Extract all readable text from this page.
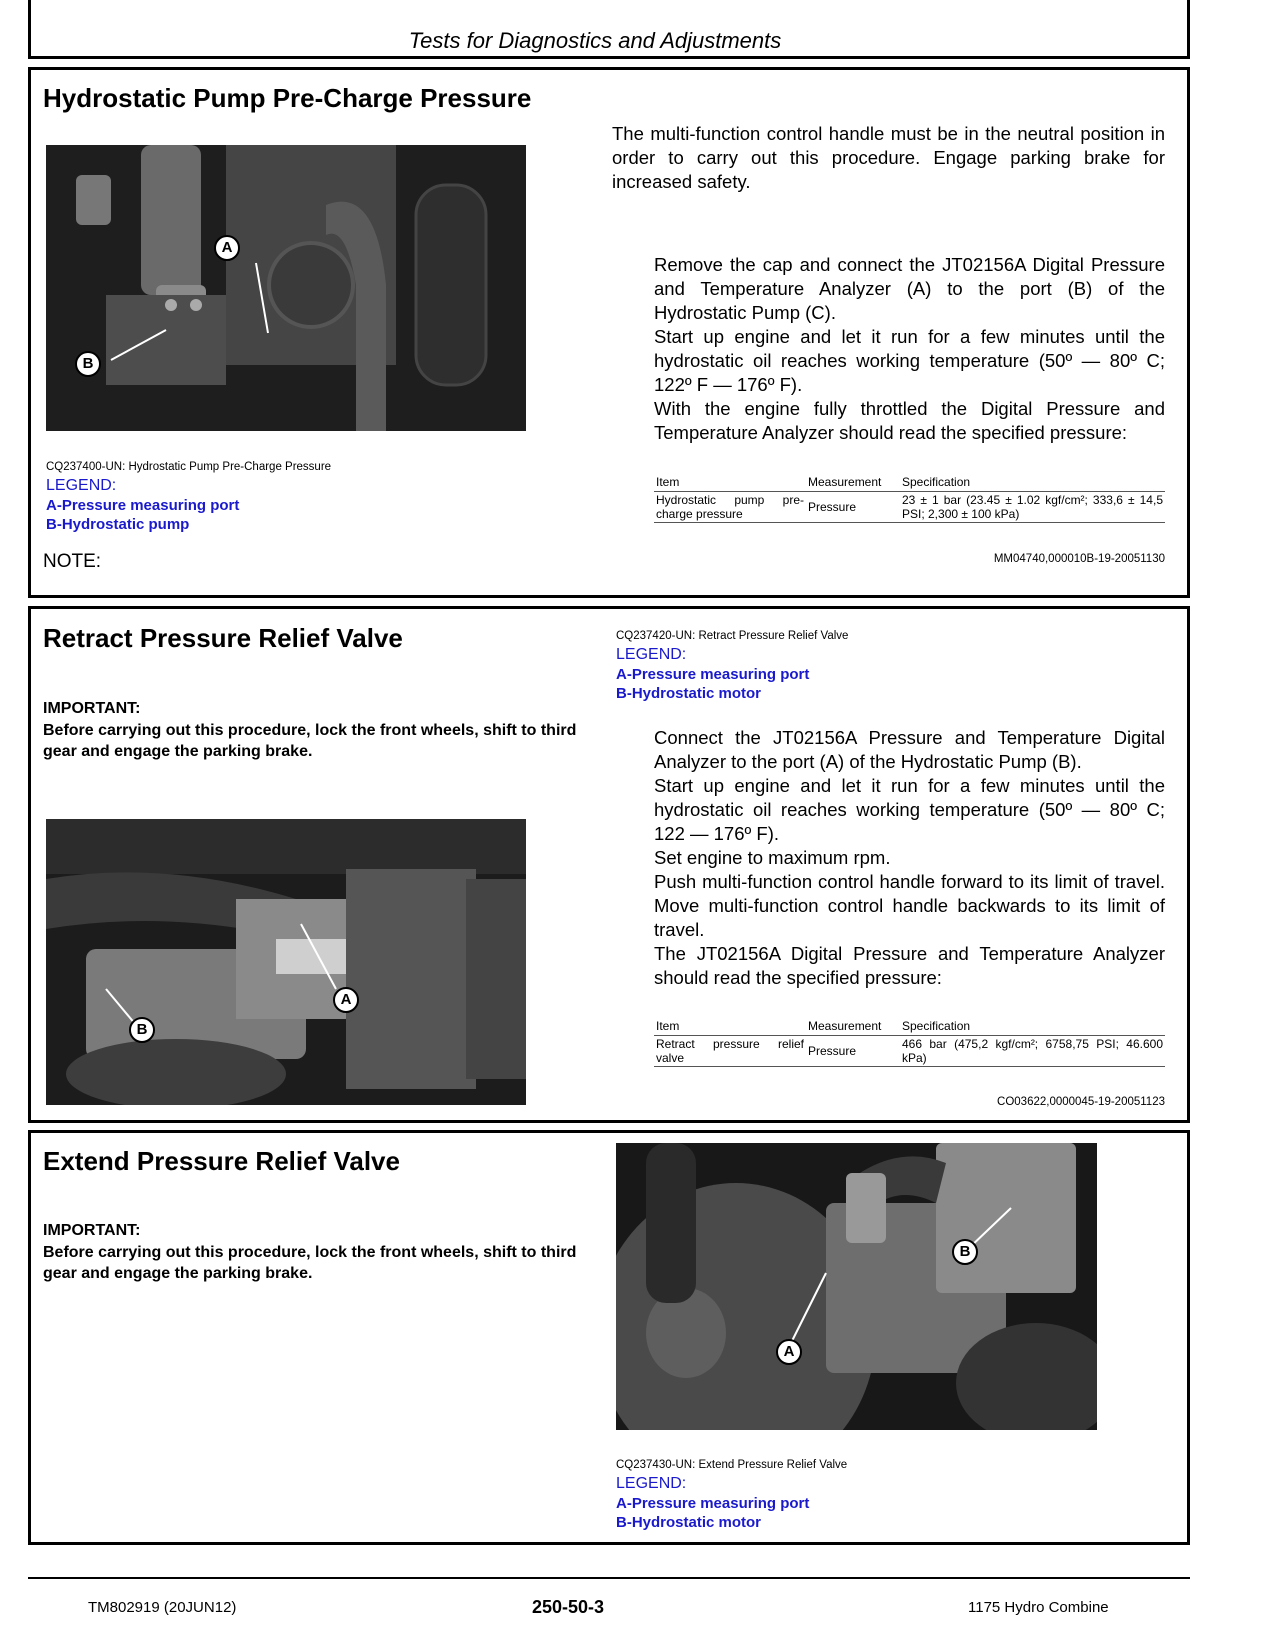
Tests for Diagnostics and Adjustments
Hydrostatic Pump Pre-Charge Pressure
A
B
CQ237400-UN: Hydrostatic Pump Pre-Charge Pressure
LEGEND:
A-Pressure measuring port
B-Hydrostatic pump
NOTE:

The multi-function control handle must be in the neutral position in order to carry out this procedure. Engage parking brake for increased safety.

Remove the cap and connect the JT02156A Digital Pressure and Temperature Analyzer (A) to the port (B) of the Hydrostatic Pump (C).

Start up engine and let it run for a few minutes until the hydrostatic oil reaches working temperature (50º — 80º C; 122º F — 176º F).

With the engine fully throttled the Digital Pressure and Temperature Analyzer should read the specified pressure:

Item	Measurement	Specification
Hydrostatic pump pre-charge pressure	Pressure	23 ± 1 bar (23.45 ± 1.02 kgf/cm²; 333,6 ± 14,5 PSI; 2,300 ± 100 kPa)
MM04740,000010B-19-20051130
Retract Pressure Relief Valve
IMPORTANT:
Before carrying out this procedure, lock the front wheels, shift to third gear and engage the parking brake.
A
B
CQ237420-UN: Retract Pressure Relief Valve
LEGEND:
A-Pressure measuring port
B-Hydrostatic motor

Connect the JT02156A Pressure and Temperature Digital Analyzer to the port (A) of the Hydrostatic Pump (B).

Start up engine and let it run for a few minutes until the hydrostatic oil reaches working temperature (50º — 80º C; 122 — 176º F).

Set engine to maximum rpm.

Push multi-function control handle forward to its limit of travel. Move multi-function control handle backwards to its limit of travel.

The JT02156A Digital Pressure and Temperature Analyzer should read the specified pressure:

Item	Measurement	Specification
Retract pressure relief valve	Pressure	466 bar (475,2 kgf/cm²; 6758,75 PSI; 46.600 kPa)
CO03622,0000045-19-20051123
Extend Pressure Relief Valve
IMPORTANT:
Before carrying out this procedure, lock the front wheels, shift to third gear and engage the parking brake.
A
B
CQ237430-UN: Extend Pressure Relief Valve
LEGEND:
A-Pressure measuring port
B-Hydrostatic motor
TM802919 (20JUN12)	250-50-3	1175 Hydro Combine
